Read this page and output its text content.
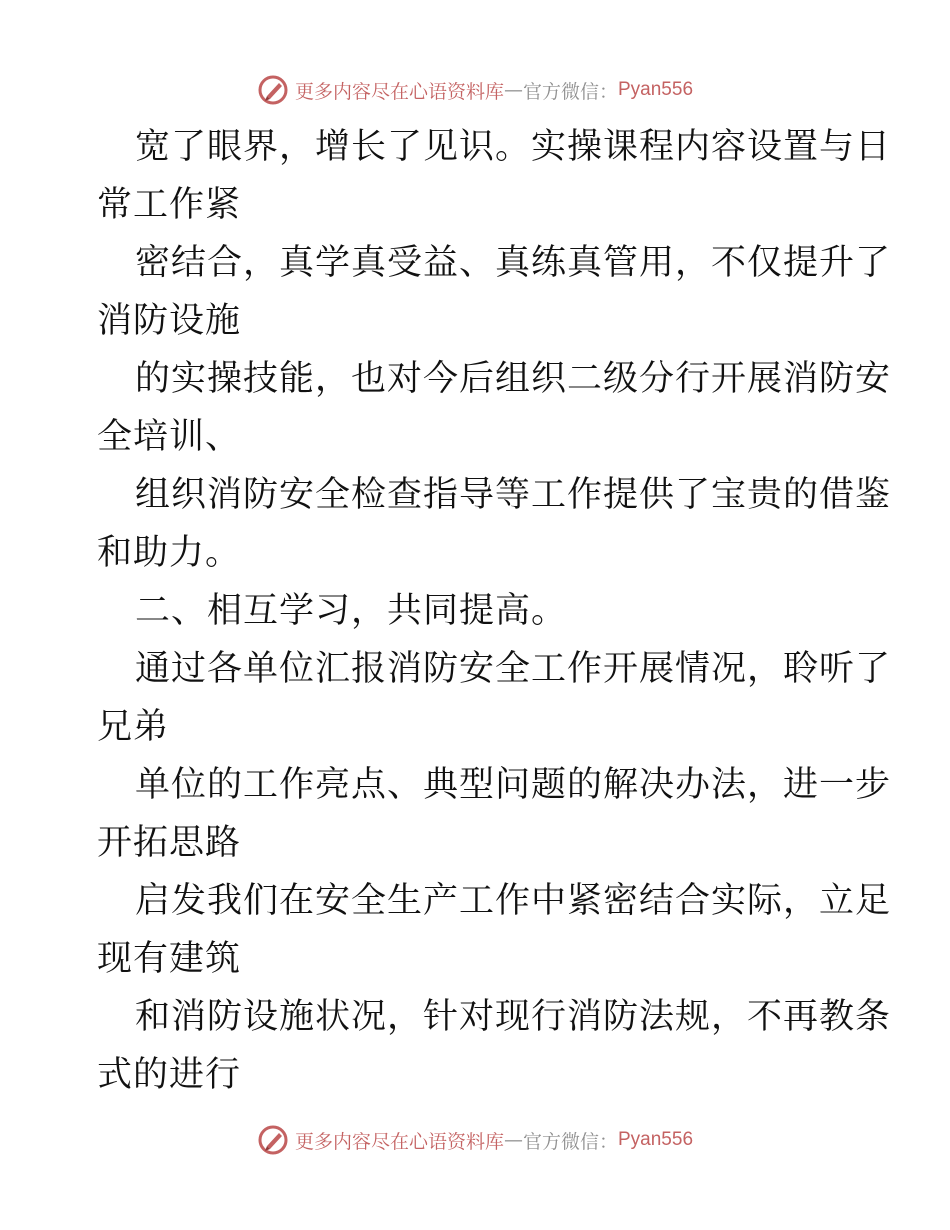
更多内容尽在心语资料库 — 官方微信： Pyan556
宽了眼界，增长了见识。实操课程内容设置与日
常工作紧
密结合，真学真受益、真练真管用，不仅提升了
消防设施
的实操技能，也对今后组织二级分行开展消防安
全培训、
组织消防安全检查指导等工作提供了宝贵的借鉴
和助力。
二、相互学习，共同提高。
通过各单位汇报消防安全工作开展情况，聆听了
兄弟
单位的工作亮点、典型问题的解决办法，进一步
开拓思路
启发我们在安全生产工作中紧密结合实际，立足
现有建筑
和消防设施状况，针对现行消防法规，不再教条
式的进行
更多内容尽在心语资料库 — 官方微信： Pyan556
